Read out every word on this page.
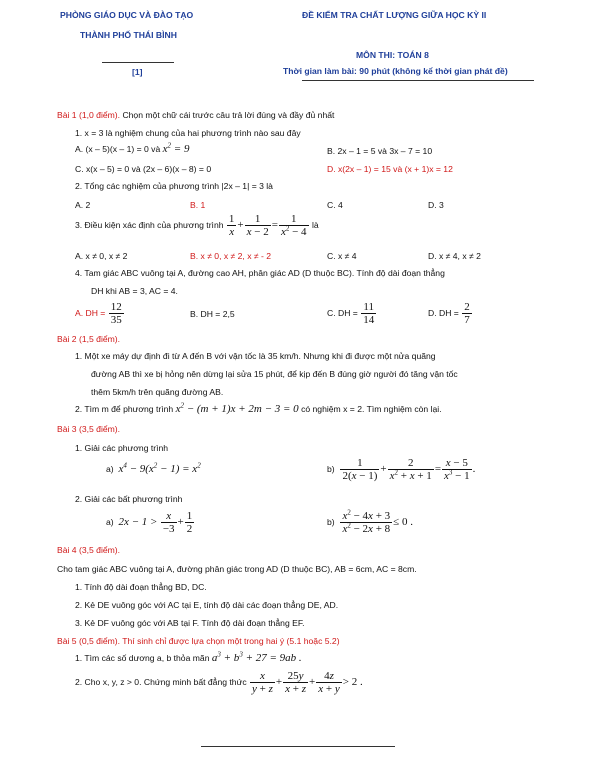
PHÒNG GIÁO DỤC VÀ ĐÀO TẠO
THÀNH PHỐ THÁI BÌNH
[1]
ĐỀ KIỂM TRA CHẤT LƯỢNG GIỮA HỌC KỲ II
MÔN THI: TOÁN 8
Thời gian làm bài: 90 phút (không kể thời gian phát đề)
Bài 1 (1,0 điểm). Chọn một chữ cái trước câu trả lời đúng và đầy đủ nhất
1. x = 3 là nghiệm chung của hai phương trình nào sau đây
A. (x – 5)(x – 1) = 0 và $x^2 = 9$	B. 2x – 1 = 5 và 3x – 7 = 10
C. x(x – 5) = 0 và (2x – 6)(x – 8) = 0	D. x(2x – 1) = 15 và (x + 1)x = 12
2. Tổng các nghiệm của phương trình |2x – 1| = 3 là
A. 2	B. 1	C. 4	D. 3
3. Điều kiện xác định của phương trình $\frac{1}{x} + \frac{1}{x - 2} = \frac{1}{x^2 - 4}$ là
A. x ≠ 0, x ≠ 2	B. x ≠ 0, x ≠ 2, x ≠ - 2	C. x ≠ 4	D. x ≠ 4, x ≠ 2
4. Tam giác ABC vuông tại A, đường cao AH, phân giác AD (D thuộc BC). Tính độ dài đoạn thẳng
DH khi AB = 3, AC = 4.
A. DH = $\frac{12}{35}$	B. DH = 2,5	C. DH = $\frac{11}{14}$	D. DH = $\frac{2}{7}$
Bài 2 (1,5 điểm).
1. Một xe máy dự định đi từ A đến B với vận tốc là 35 km/h. Nhưng khi đi được một nửa quãng
đường AB thì xe bị hỏng nên dừng lại sửa 15 phút, để kịp đến B đúng giờ người đó tăng vận tốc
thêm 5km/h trên quãng đường AB.
2. Tìm m để phương trình $x^2 - (m + 1)x + 2m - 3 = 0$ có nghiệm x = 2. Tìm nghiệm còn lại.
Bài 3 (3,5 điểm).
1. Giải các phương trình
a) $x^4 - 9(x^2 - 1) = x^2$	$b) \frac{1}{2(x - 1)} + \frac{2}{x^2 + x + 1} = \frac{x - 5}{x^3 - 1}$ .
2. Giải các bất phương trình
a) $2x - 1 > \frac{x}{-3} + \frac{1}{2}$	$b) \frac{x^2 - 4x + 3}{x^2 - 2x + 8} \le 0$ .
Bài 4 (3,5 điểm).
Cho tam giác ABC vuông tại A, đường phân giác trong AD (D thuộc BC), AB = 6cm, AC = 8cm.
1. Tính độ dài đoạn thẳng BD, DC.
2. Kẻ DE vuông góc với AC tại E, tính độ dài các đoạn thẳng DE, AD.
3. Kẻ DF vuông góc với AB tại F. Tính độ dài đoạn thẳng EF.
Bài 5 (0,5 điểm). Thí sinh chỉ được lựa chọn một trong hai ý (5.1 hoặc 5.2)
1. Tìm các số dương a, b thỏa mãn $a^3 + b^3 + 27 = 9ab$ .
2. Cho x, y, z > 0. Chứng minh bất đẳng thức $\frac{x}{y + z} + \frac{25y}{x + z} + \frac{4z}{x + y} > 2$ .
